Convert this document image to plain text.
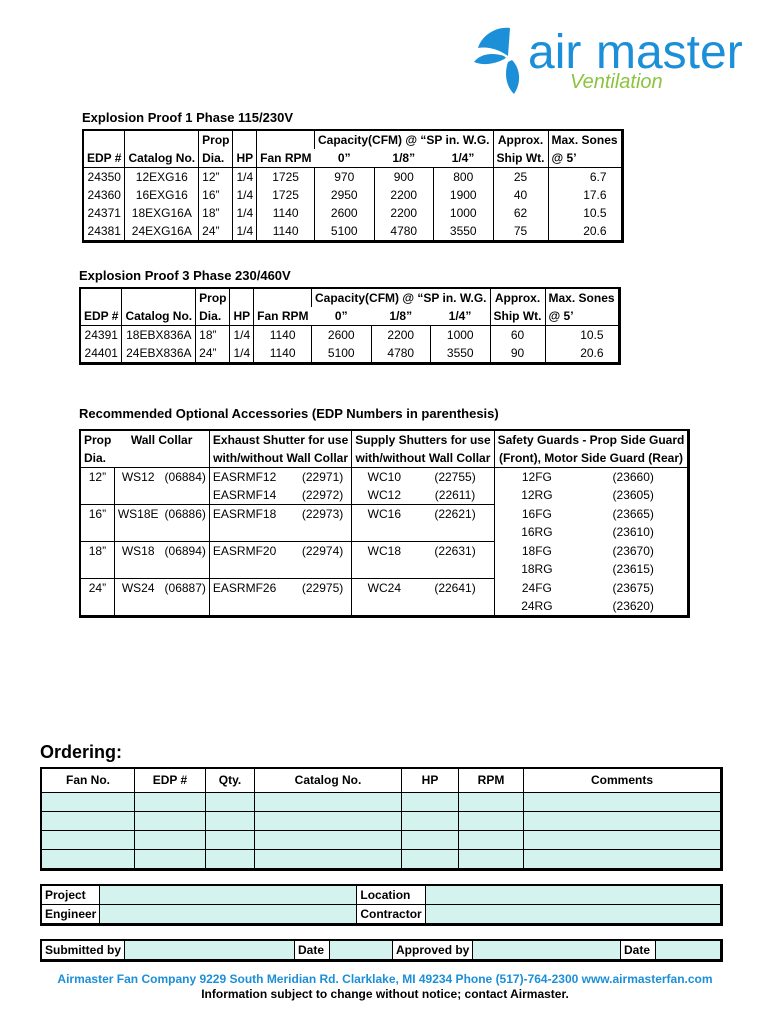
air master
Ventilation
Explosion Proof 1 Phase 115/230V
		Prop			Capacity(CFM) @ “SP in. W.G.			Approx.	Max. Sones
EDP #	Catalog No.	Dia.	HP	Fan RPM	0”	1/8”	1/4”	Ship Wt.	@ 5’
24350	12EXG16	12”	1/4	1725	970	900	800	25	6.7
24360	16EXG16	16”	1/4	1725	2950	2200	1900	40	17.6
24371	18EXG16A	18”	1/4	1140	2600	2200	1000	62	10.5
24381	24EXG16A	24”	1/4	1140	5100	4780	3550	75	20.6
Explosion Proof 3 Phase 230/460V
		Prop			Capacity(CFM) @ “SP in. W.G.			Approx.	Max. Sones
EDP #	Catalog No.	Dia.	HP	Fan RPM	0”	1/8”	1/4”	Ship Wt.	@ 5’
24391	18EBX836A	18”	1/4	1140	2600	2200	1000	60	10.5
24401	24EBX836A	24”	1/4	1140	5100	4780	3550	90	20.6
Recommended Optional Accessories (EDP Numbers in parenthesis)
Prop	Wall Collar		Exhaust Shutter for use		Supply Shutters for use		Safety Guards - Prop Side Guard	
Dia.			with/without Wall Collar		with/without Wall Collar		(Front), Motor Side Guard (Rear)	
12”	WS12	(06884)	EASRMF12	(22971)	WC10	(22755)	12FG	(23660)
			EASRMF14	(22972)	WC12	(22611)	12RG	(23605)
16”	WS18E	(06886)	EASRMF18	(22973)	WC16	(22621)	16FG	(23665)
							16RG	(23610)
18”	WS18	(06894)	EASRMF20	(22974)	WC18	(22631)	18FG	(23670)
							18RG	(23615)
24”	WS24	(06887)	EASRMF26	(22975)	WC24	(22641)	24FG	(23675)
							24RG	(23620)
Ordering:
Fan No.	EDP #	Qty.	Catalog No.	HP	RPM	Comments

Project		Location	
Engineer		Contractor	
Submitted by		Date		Approved by		Date	
Airmaster Fan Company 9229 South Meridian Rd. Clarklake, MI 49234 Phone (517)-764-2300 www.airmasterfan.com
Information subject to change without notice; contact Airmaster.
